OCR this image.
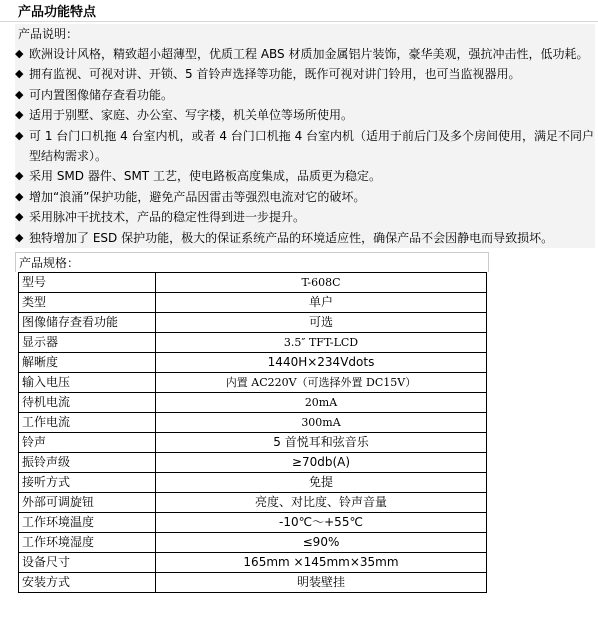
产品功能特点
产品说明：
◆ 欧洲设计风格，精致超小超薄型，优质工程 ABS 材质加金属铝片装饰，豪华美观，强抗冲击性，低功耗。
◆ 拥有监视、可视对讲、开锁、5 首铃声选择等功能，既作可视对讲门铃用，也可当监视器用。
◆ 可内置图像储存查看功能。
◆ 适用于别墅、家庭、办公室、写字楼，机关单位等场所使用。
◆ 可 1 台门口机拖 4 台室内机，或者 4 台门口机拖 4 台室内机（适用于前后门及多个房间使用，满足不同户型结构需求）。
◆ 采用 SMD 器件、SMT 工艺，使电路板高度集成，品质更为稳定。
◆ 增加“浪涌”保护功能，避免产品因雷击等强烈电流对它的破坏。
◆ 采用脉冲干扰技术，产品的稳定性得到进一步提升。
◆ 独特增加了 ESD 保护功能，极大的保证系统产品的环境适应性，确保产品不会因静电而导致损坏。
产品规格：
型号	T-608C
类型	单户
图像储存查看功能	可选
显示器	3.5″ TFT-LCD
解晰度	1440H×234Vdots
输入电压	内置 AC220V（可选择外置 DC15V）
待机电流	20mA
工作电流	300mA
铃声	5 首悦耳和弦音乐
振铃声级	≥70db(A)
接听方式	免提
外部可调旋钮	亮度、对比度、铃声音量
工作环境温度	-10℃～+55℃
工作环境湿度	≤90%
设备尺寸	165mm ×145mm×35mm
安装方式	明装壁挂
